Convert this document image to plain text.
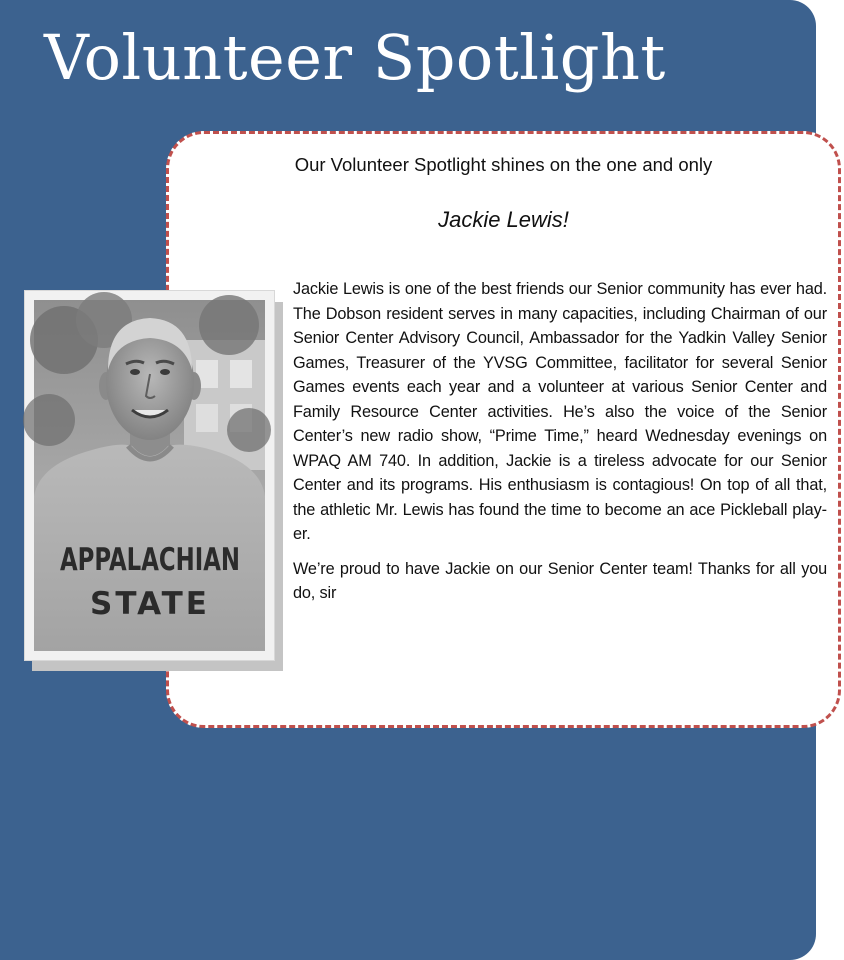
Volunteer Spotlight

Our Volunteer Spotlight shines on the one and only

Jackie Lewis!

Jackie Lewis is one of the best friends our Senior community has ever had. The Dobson resident serves in many capacities, including Chairman of our Senior Center Advisory Council, Ambassador for the Yadkin Valley Senior Games, Treasurer of the YVSG Committee, facilitator for several Senior Games events each year and a volunteer at various Senior Center and Family Resource Center activities. He’s also the voice of the Senior Center’s new radio show, “Prime Time,” heard Wednesday evenings on WPAQ AM 740. In addition, Jackie is a tireless advocate for our Senior Center and its programs. His enthusiasm is contagious! On top of all that, the athletic Mr. Lewis has found the time to become an ace Pickleball player.

We’re proud to have Jackie on our Senior Center team! Thanks for all you do, sir

APPALACHIAN
STATE
